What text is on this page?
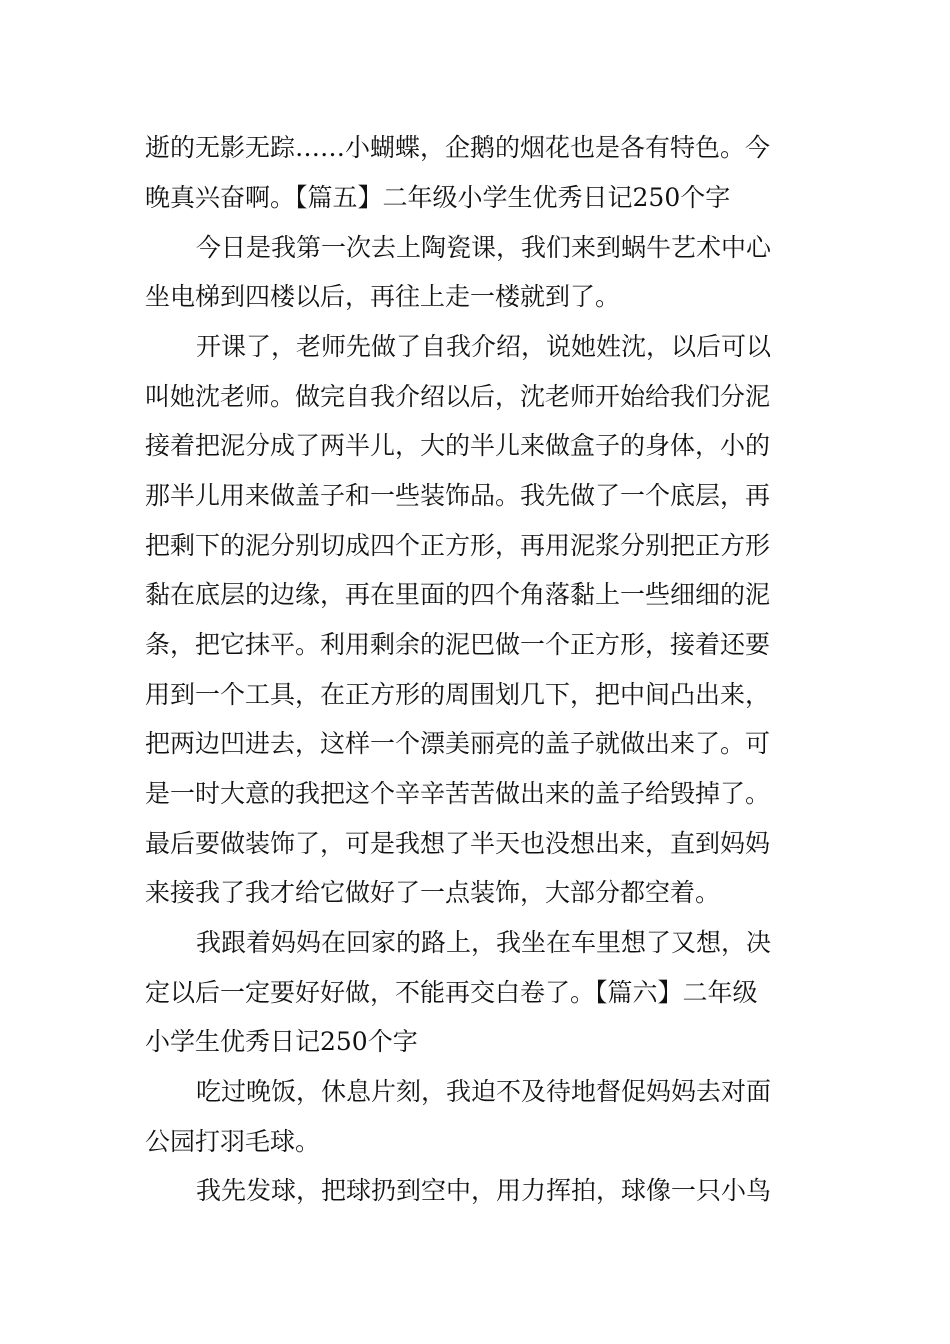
逝的无影无踪……小蝴蝶，企鹅的烟花也是各有特色。今
晚真兴奋啊。【篇五】二年级小学生优秀日记250个字
今日是我第一次去上陶瓷课，我们来到蜗牛艺术中心
坐电梯到四楼以后，再往上走一楼就到了。
开课了，老师先做了自我介绍，说她姓沈，以后可以
叫她沈老师。做完自我介绍以后，沈老师开始给我们分泥
接着把泥分成了两半儿，大的半儿来做盒子的身体，小的
那半儿用来做盖子和一些装饰品。我先做了一个底层，再
把剩下的泥分别切成四个正方形，再用泥浆分别把正方形
黏在底层的边缘，再在里面的四个角落黏上一些细细的泥
条，把它抹平。利用剩余的泥巴做一个正方形，接着还要
用到一个工具，在正方形的周围划几下，把中间凸出来，
把两边凹进去，这样一个漂美丽亮的盖子就做出来了。可
是一时大意的我把这个辛辛苦苦做出来的盖子给毁掉了。
最后要做装饰了，可是我想了半天也没想出来，直到妈妈
来接我了我才给它做好了一点装饰，大部分都空着。
我跟着妈妈在回家的路上，我坐在车里想了又想，决
定以后一定要好好做，不能再交白卷了。【篇六】二年级
小学生优秀日记250个字
吃过晚饭，休息片刻，我迫不及待地督促妈妈去对面
公园打羽毛球。
我先发球，把球扔到空中，用力挥拍，球像一只小鸟
